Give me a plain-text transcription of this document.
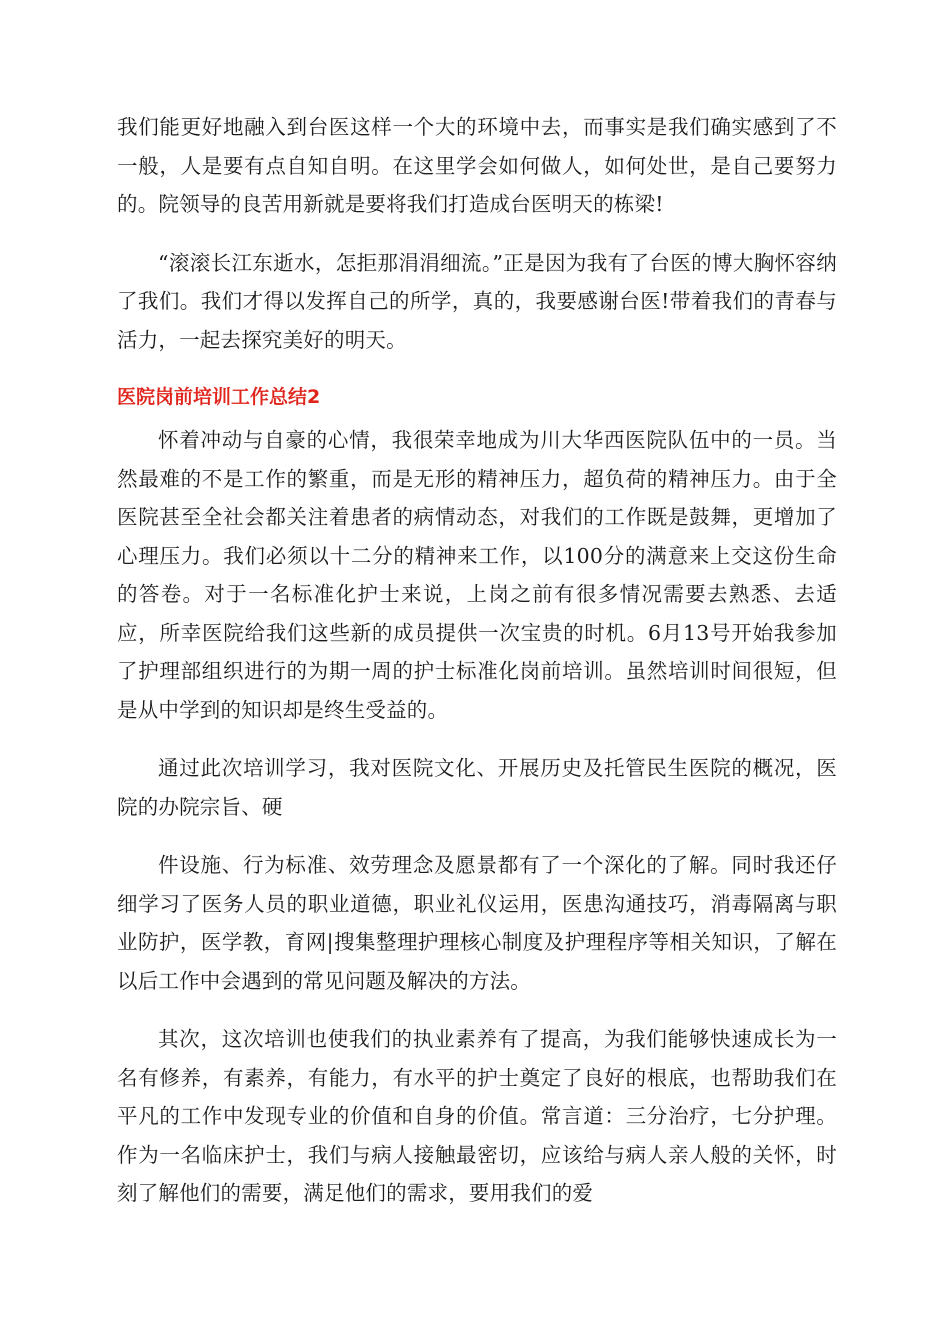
我们能更好地融入到台医这样一个大的环境中去，而事实是我们确实感到了不一般，人是要有点自知自明。在这里学会如何做人，如何处世，是自己要努力的。院领导的良苦用新就是要将我们打造成台医明天的栋梁!

“滚滚长江东逝水，怎拒那涓涓细流。”正是因为我有了台医的博大胸怀容纳了我们。我们才得以发挥自己的所学，真的，我要感谢台医!带着我们的青春与活力，一起去探究美好的明天。

医院岗前培训工作总结2

怀着冲动与自豪的心情，我很荣幸地成为川大华西医院队伍中的一员。当然最难的不是工作的繁重，而是无形的精神压力，超负荷的精神压力。由于全医院甚至全社会都关注着患者的病情动态，对我们的工作既是鼓舞，更增加了心理压力。我们必须以十二分的精神来工作，以100分的满意来上交这份生命的答卷。对于一名标准化护士来说，上岗之前有很多情况需要去熟悉、去适应，所幸医院给我们这些新的成员提供一次宝贵的时机。6月13号开始我参加了护理部组织进行的为期一周的护士标准化岗前培训。虽然培训时间很短，但是从中学到的知识却是终生受益的。

通过此次培训学习，我对医院文化、开展历史及托管民生医院的概况，医院的办院宗旨、硬

件设施、行为标准、效劳理念及愿景都有了一个深化的了解。同时我还仔细学习了医务人员的职业道德，职业礼仪运用，医患沟通技巧，消毒隔离与职业防护，医学教，育网|搜集整理护理核心制度及护理程序等相关知识，了解在以后工作中会遇到的常见问题及解决的方法。

其次，这次培训也使我们的执业素养有了提高，为我们能够快速成长为一名有修养，有素养，有能力，有水平的护士奠定了良好的根底，也帮助我们在平凡的工作中发现专业的价值和自身的价值。常言道：三分治疗，七分护理。作为一名临床护士，我们与病人接触最密切，应该给与病人亲人般的关怀，时刻了解他们的需要，满足他们的需求，要用我们的爱
